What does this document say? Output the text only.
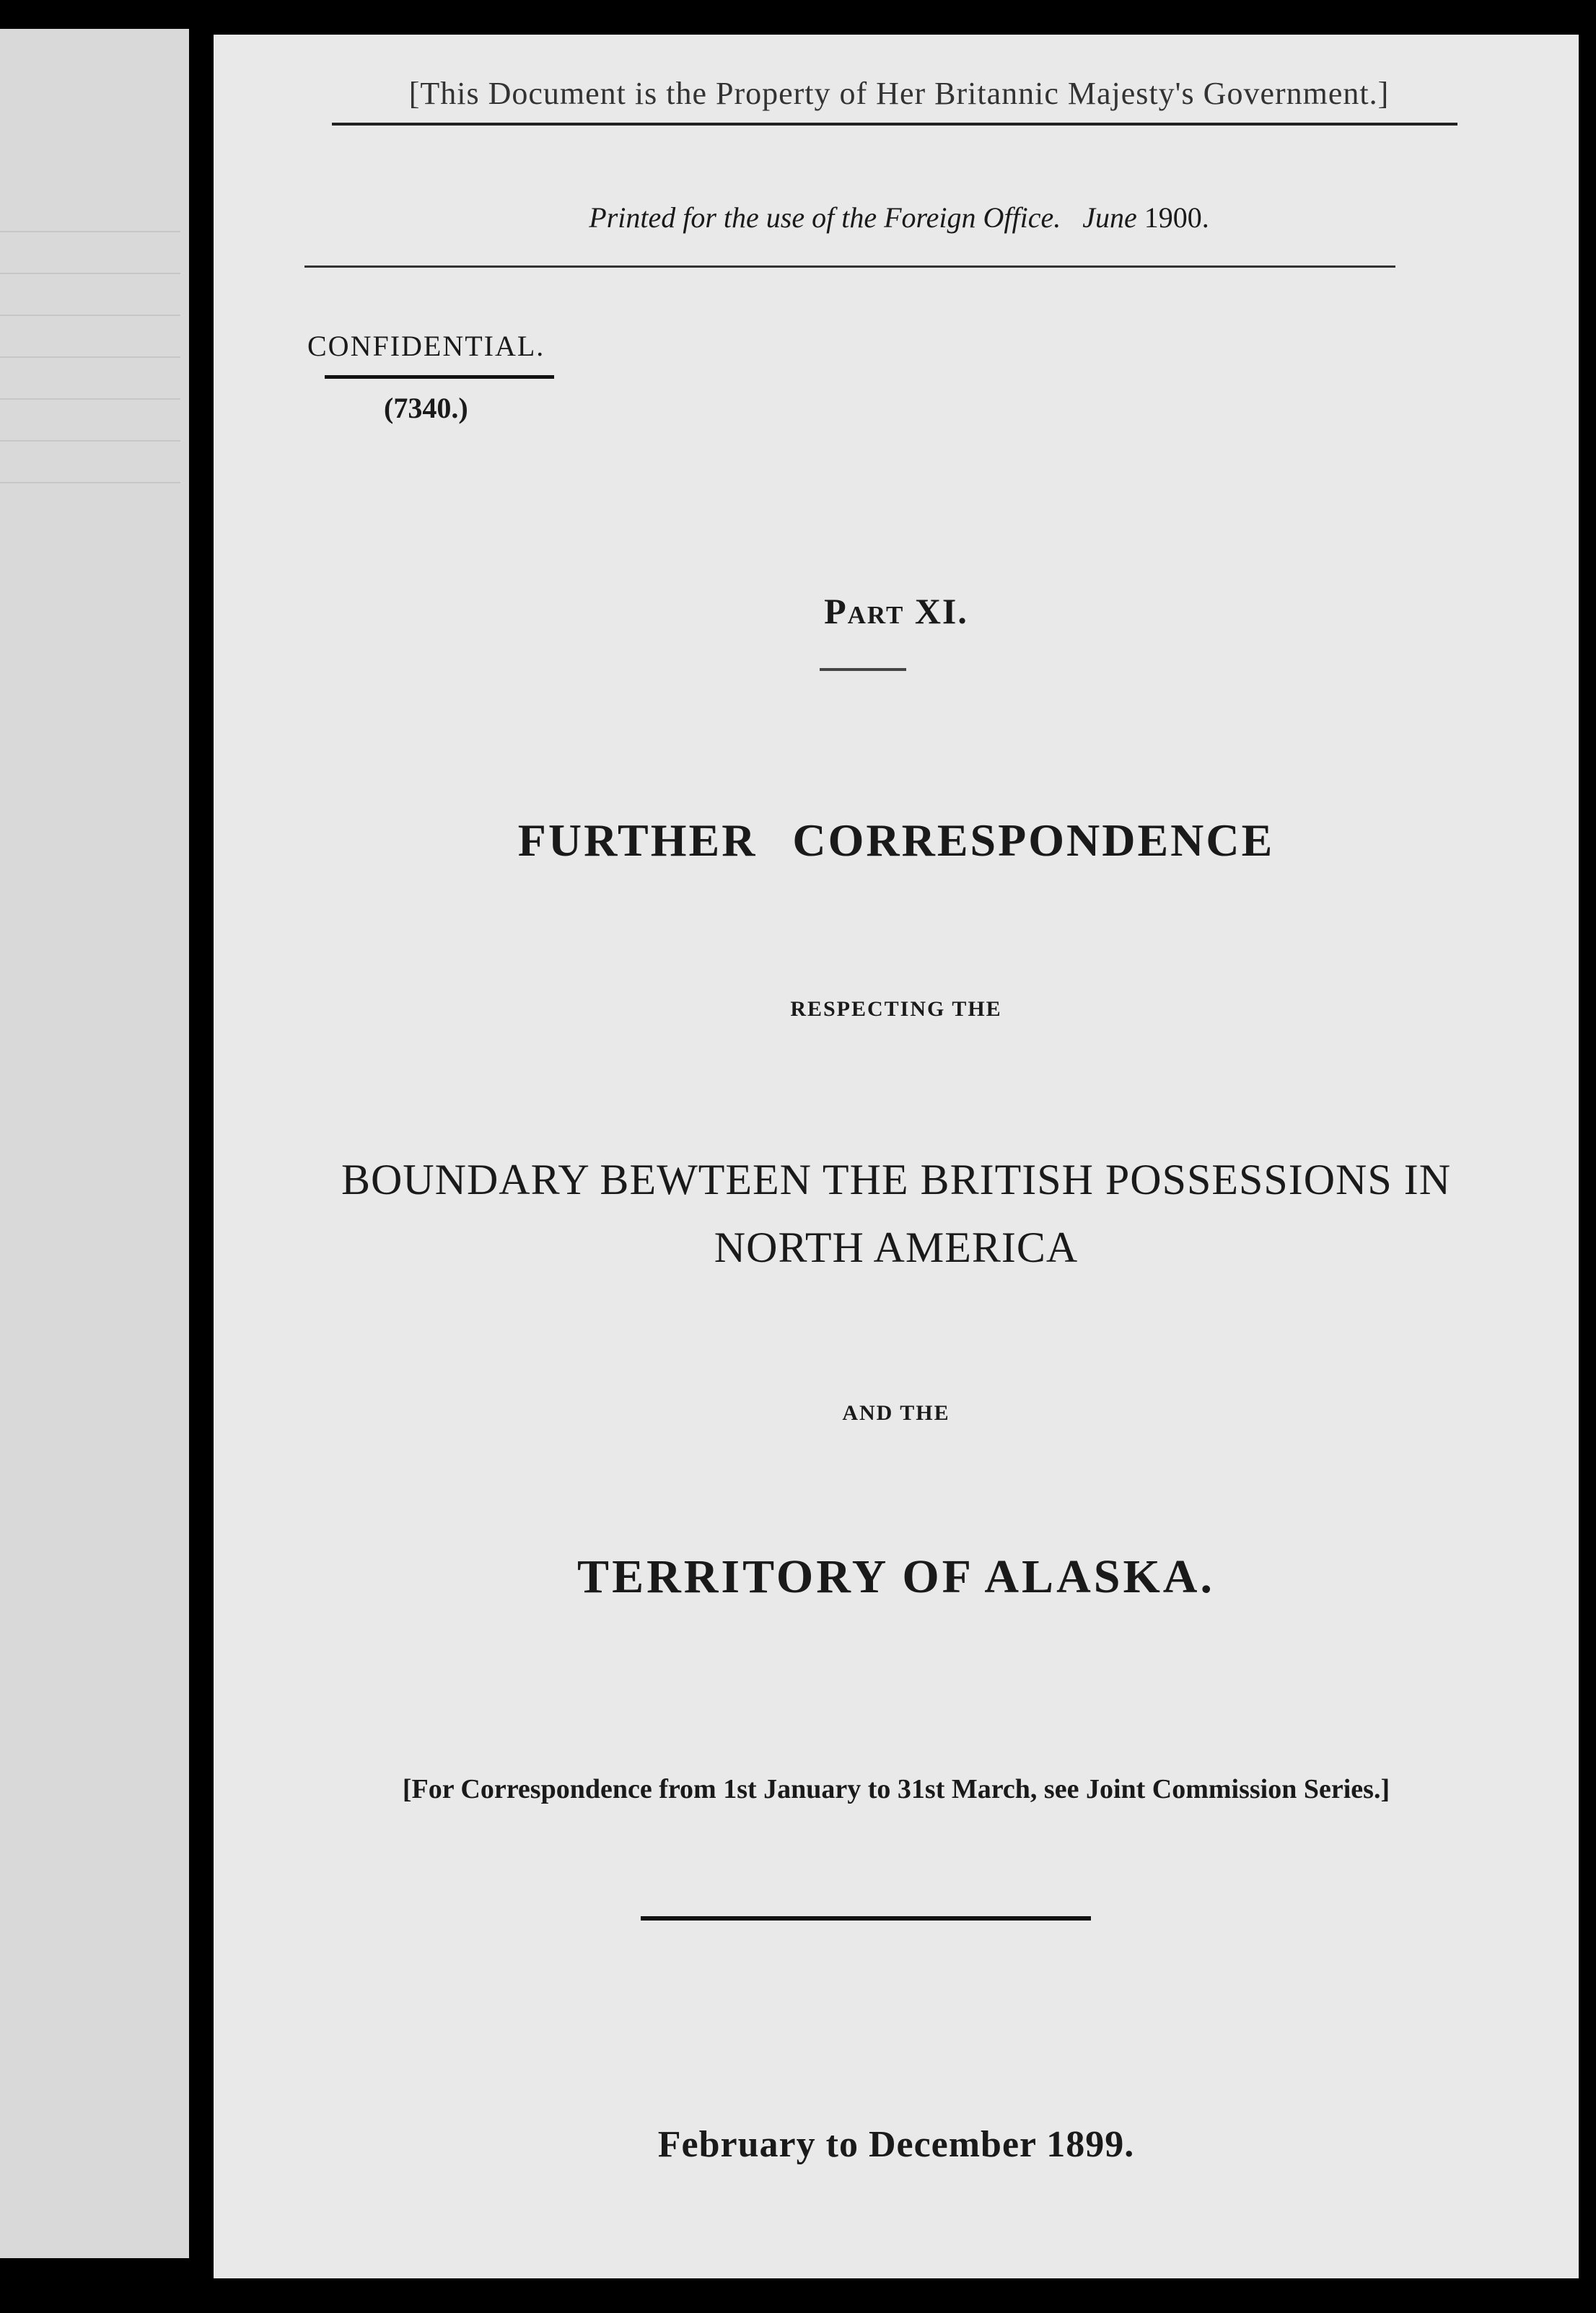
[This Document is the Property of Her Britannic Majesty's Government.]
Printed for the use of the Foreign Office. June 1900.
CONFIDENTIAL.
(7340.)
Part XI.
FURTHER CORRESPONDENCE
RESPECTING THE
BOUNDARY BEWTEEN THE BRITISH POSSESSIONS IN
NORTH AMERICA
AND THE
TERRITORY OF ALASKA.
[For Correspondence from 1st January to 31st March, see Joint Commission Series.]
February to December 1899.
